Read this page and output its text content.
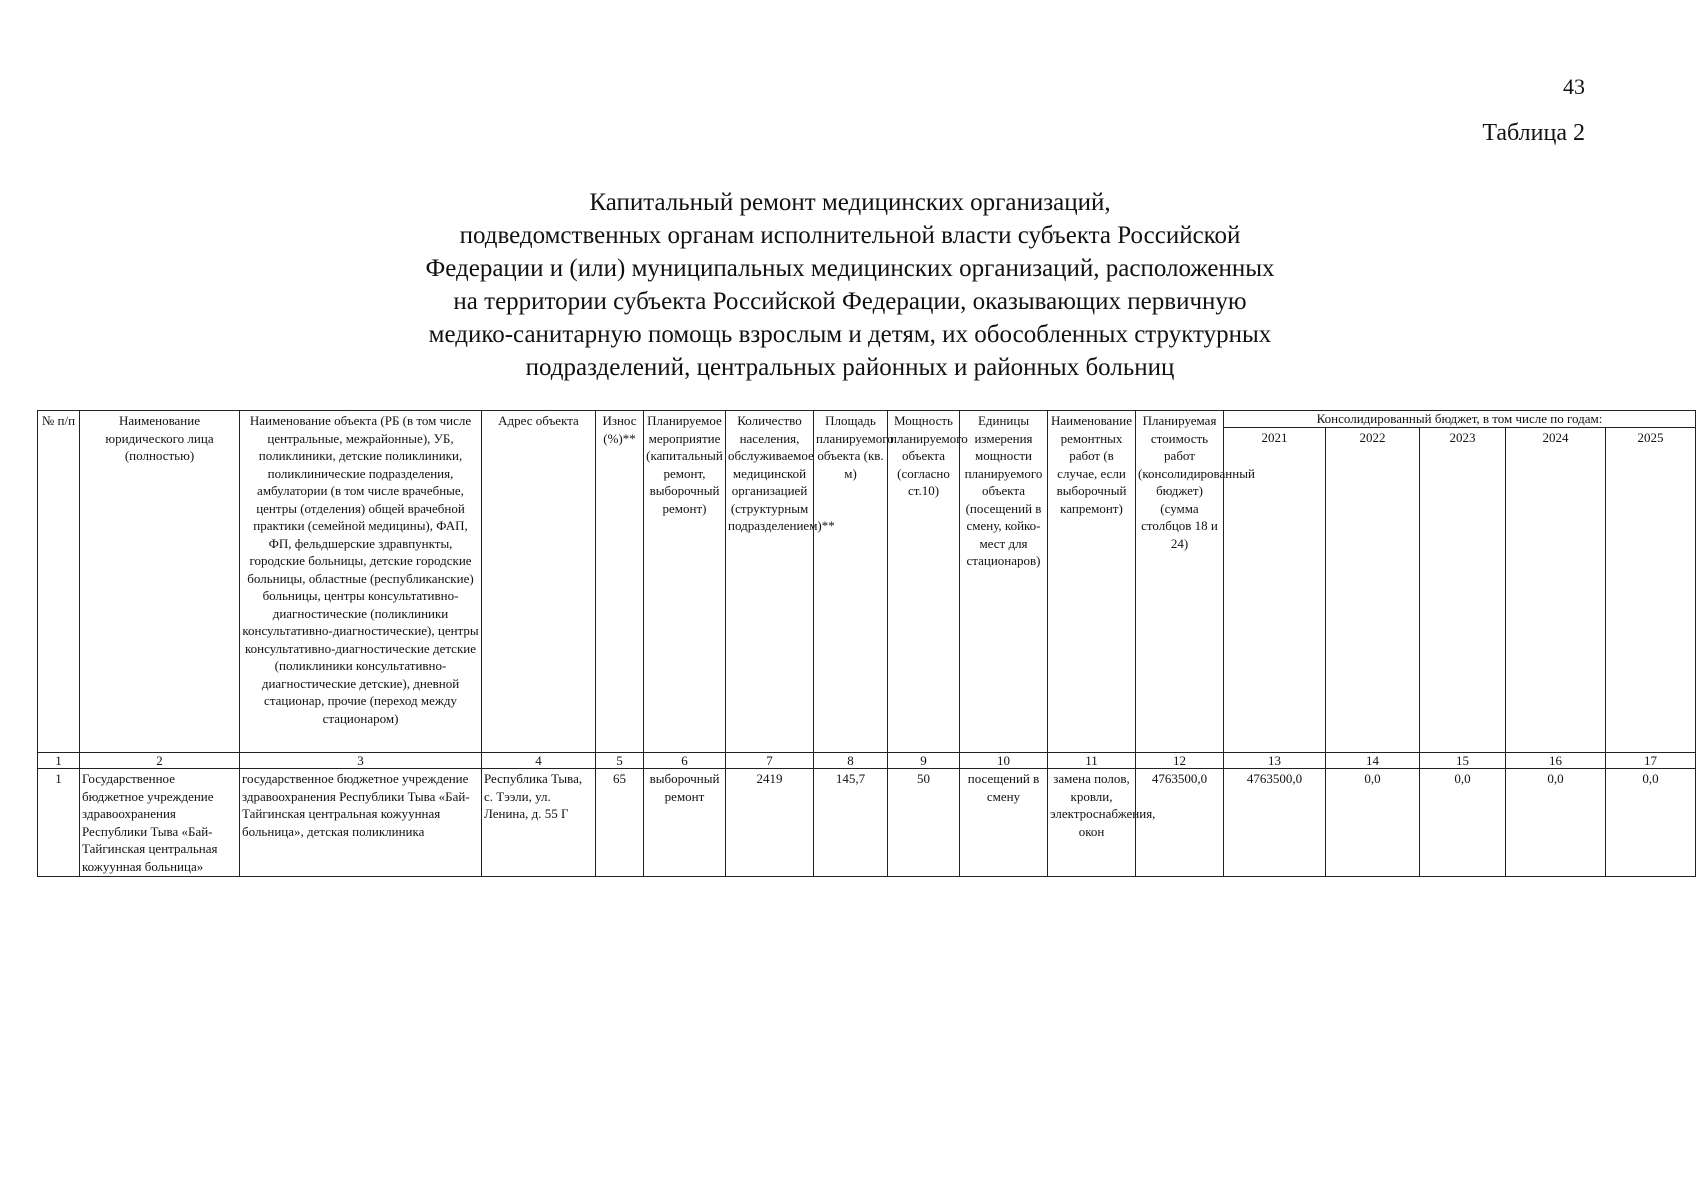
43
Таблица 2
Капитальный ремонт медицинских организаций,
подведомственных органам исполнительной власти субъекта Российской
Федерации и (или) муниципальных медицинских организаций, расположенных
на территории субъекта Российской Федерации, оказывающих первичную
медико-санитарную помощь взрослым и детям, их обособленных структурных
подразделений, центральных районных и районных больниц
№ п/п	Наименование юридического лица (полностью)	Наименование объекта (РБ (в том числе центральные, межрайонные), УБ, поликлиники, детские поликлиники, поликлинические подразделения, амбулатории (в том числе врачебные, центры (отделения) общей врачебной практики (семейной медицины), ФАП, ФП, фельдшерские здравпункты, городские больницы, детские городские больницы, областные (республиканские) больницы, центры консультативно-диагностические (поликлиники консультативно-диагностические), центры консультативно-диагностические детские (поликлиники консультативно-диагностические детские), дневной стационар, прочие (переход между стационаром)	Адрес объекта	Износ (%)**	Планируемое мероприятие (капитальный ремонт, выборочный ремонт)	Количество населения, обслуживаемое медицинской организацией (структурным подразделением)**	Площадь планируемого объекта (кв. м)	Мощность планируемого объекта (согласно ст.10)	Единицы измерения мощности планируемого объекта (посещений в смену, койко-мест для стационаров)	Наименование ремонтных работ (в случае, если выборочный капремонт)	Планируемая стоимость работ (консолидированный бюджет) (сумма столбцов 18 и 24)	Консолидированный бюджет, в том числе по годам:				
												2021	2022	2023	2024	2025
1	2	3	4	5	6	7	8	9	10	11	12	13	14	15	16	17
1	Государственное бюджетное учреждение здравоохранения Республики Тыва «Бай-Тайгинская центральная кожуунная больница»	государственное бюджетное учреждение здравоохранения Республики Тыва «Бай-Тайгинская центральная кожуунная больница», детская поликлиника	Республика Тыва, с. Тээли, ул. Ленина, д. 55 Г	65	выборочный ремонт	2419	145,7	50	посещений в смену	замена полов, кровли, электроснабжения, окон	4763500,0	4763500,0	0,0	0,0	0,0	0,0
